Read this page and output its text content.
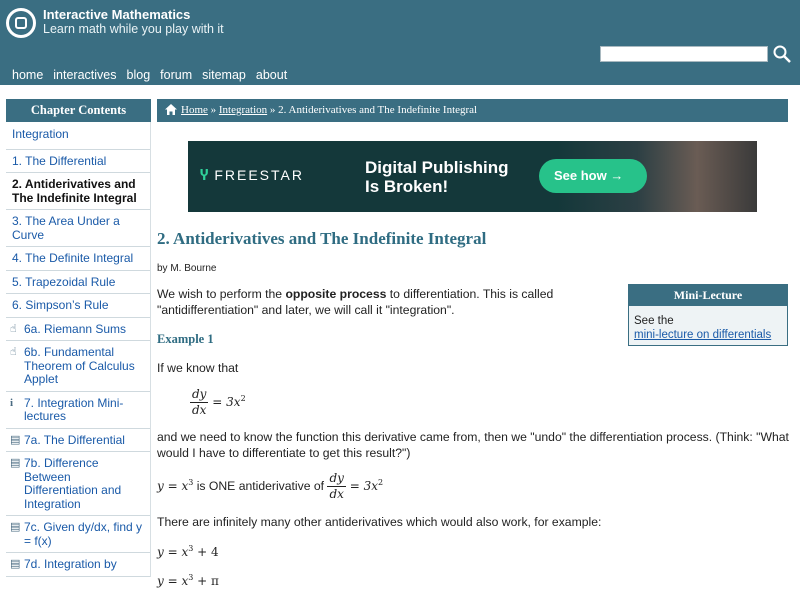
Interactive Mathematics
Learn math while you play with it
home interactives blog forum sitemap about
Chapter Contents
Integration
1. The Differential
2. Antiderivatives and The Indefinite Integral
3. The Area Under a Curve
4. The Definite Integral
5. Trapezoidal Rule
6. Simpson’s Rule
☝ 6a. Riemann Sums
☝ 6b. Fundamental Theorem of Calculus Applet
i 7. Integration Mini-lectures
▤ 7a. The Differential
▤ 7b. Difference Between Differentiation and Integration
▤ 7c. Given dy/dx, find y = f(x)
▤ 7d. Integration by
Home » Integration » 2. Antiderivatives and The Indefinite Integral
Ⴤ FREESTAR	Digital Publishing
Is Broken!
See how →
2. Antiderivatives and The Indefinite Integral
by M. Bourne
We wish to perform the opposite process to differentiation. This is called "antidifferentiation" and later, we will call it "integration".
Example 1
If we know that
$\frac{dy}{dx} = 3x^2$
and we need to know the function this derivative came from, then we "undo" the differentiation process. (Think: "What would I have to differentiate to get this result?")
$y = x^3$ is ONE antiderivative of $\frac{dy}{dx} = 3x^2$
There are infinitely many other antiderivatives which would also work, for example:
$y = x^3 + 4$
$y = x^3 + \pi$
Mini-Lecture
See the
mini-lecture on differentials
